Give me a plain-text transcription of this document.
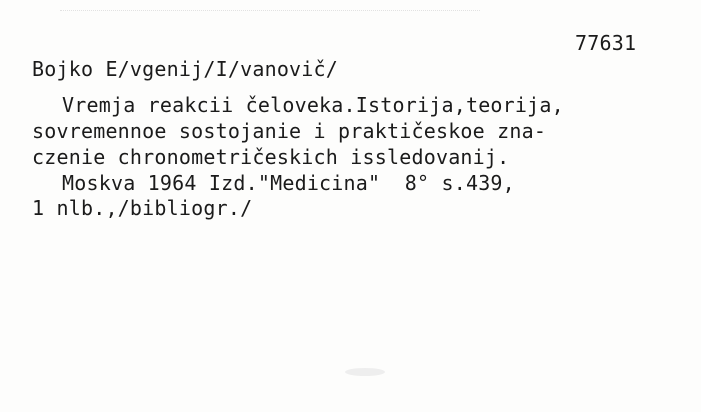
77631
Bojko E/vgenij/I/vanovič/
Vremja reakcii čeloveka.Istorija,teorija,
sovremennoe sostojanie i praktičeskoe zna-
czenie chronometričeskich issledovanij.
Moskva 1964 Izd."Medicina"  8° s.439,
1 nlb.,/bibliogr./
